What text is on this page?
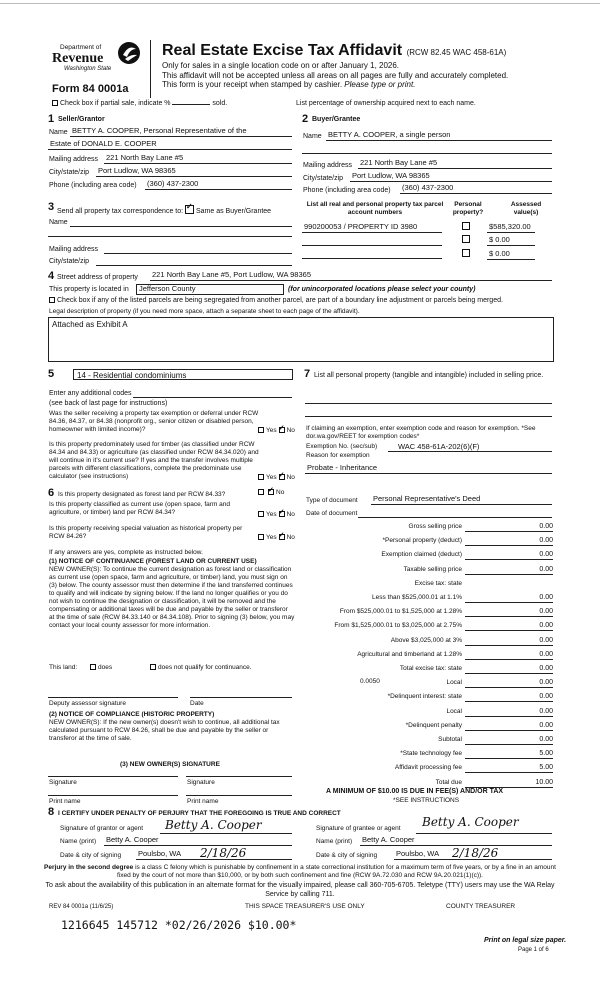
Department of
Revenue
Washington State
Form 84 0001a
Real Estate Excise Tax Affidavit (RCW 82.45 WAC 458-61A)
Only for sales in a single location code on or after January 1, 2026.
This affidavit will not be accepted unless all areas on all pages are fully and accurately completed.
This form is your receipt when stamped by cashier. Please type or print.
Check box if partial sale, indicate %	sold.	List percentage of ownership acquired next to each name.
1 Seller/Grantor
Name BETTY A. COOPER, Personal Representative of the
Estate of DONALD E. COOPER
Mailing address 221 North Bay Lane #5
City/state/zip Port Ludlow, WA 98365
Phone (including area code) (360) 437-2300
2 Buyer/Grantee
Name BETTY A. COOPER, a single person
Mailing address 221 North Bay Lane #5
City/state/zip Port Ludlow, WA 98365
Phone (including area code) (360) 437-2300
3 Send all property tax correspondence to:
✓
Same as Buyer/Grantee
Name
Mailing address
City/state/zip
List all real and personal property tax parcel account numbers
Personal property?
Assessed value(s)
990200053 / PROPERTY ID 3980	$585,320.00
$ 0.00
$ 0.00
4 Street address of property 221 North Bay Lane #5, Port Ludlow, WA 98365
This property is located in	Jefferson County	(for unincorporated locations please select your county)
Check box if any of the listed parcels are being segregated from another parcel, are part of a boundary line adjustment or parcels being merged.
Legal description of property (if you need more space, attach a separate sheet to each page of the affidavit).
Attached as Exhibit A
5	14 - Residential condominiums
Enter any additional codes
(see back of last page for instructions)
Was the seller receiving a property tax exemption or deferral under RCW 84.36, 84.37, or 84.38 (nonprofit org., senior citizen or disabled person, homeowner with limited income)?	Yes ✓ No
Is this property predominately used for timber (as classified under RCW 84.34 and 84.33) or agriculture (as classified under RCW 84.34.020) and will continue in it's current use? If yes and the transfer involves multiple parcels with different classifications, complete the predominate use calculator (see instructions)	Yes ✓ No
6 Is this property designated as forest land per RCW 84.33?
✓ No
Is this property classified as current use (open space, farm and agriculture, or timber) land per RCW 84.34?	Yes ✓ No
Is this property receiving special valuation as historical property per RCW 84.26?	Yes ✓ No
If any answers are yes, complete as instructed below.
(1) NOTICE OF CONTINUANCE (FOREST LAND OR CURRENT USE)
NEW OWNER(S): To continue the current designation as forest land or classification as current use (open space, farm and agriculture, or timber) land, you must sign on (3) below. The county assessor must then determine if the land transferred continues to qualify and will indicate by signing below. If the land no longer qualifies or you do not wish to continue the designation or classification, it will be removed and the compensating or additional taxes will be due and payable by the seller or transferor at the time of sale (RCW 84.33.140 or 84.34.108). Prior to signing (3) below, you may contact your local county assessor for more information.
This land:	does	does not qualify for continuance.
Deputy assessor signature	Date
(2) NOTICE OF COMPLIANCE (HISTORIC PROPERTY)
NEW OWNER(S): If the new owner(s) doesn't wish to continue, all additional tax calculated pursuant to RCW 84.26, shall be due and payable by the seller or transferor at the time of sale.
(3) NEW OWNER(S) SIGNATURE
Signature	Signature
Print name	Print name
7 List all personal property (tangible and intangible) included in selling price.
If claiming an exemption, enter exemption code and reason for exemption. *See dor.wa.gov/REET for exemption codes*
Exemption No. (sec/sub)	WAC 458-61A-202(6)(F)
Reason for exemption
Probate - Inheritance
Type of document Personal Representative's Deed
Date of document
Gross selling price	0.00
*Personal property (deduct)	0.00
Exemption claimed (deduct)	0.00
Taxable selling price	0.00
Excise tax: state
Less than $525,000.01 at 1.1%	0.00
From $525,000.01 to $1,525,000 at 1.28%	0.00
From $1,525,000.01 to $3,025,000 at 2.75%	0.00
Above $3,025,000 at 3%	0.00
Agricultural and timberland at 1.28%	0.00
Total excise tax: state	0.00
Local	0.00
*Delinquent interest: state	0.00
Local	0.00
*Delinquent penalty	0.00
Subtotal	0.00
*State technology fee	5.00
Affidavit processing fee	5.00
Total due	10.00
0.0050
A MINIMUM OF $10.00 IS DUE IN FEE(S) AND/OR TAX
*SEE INSTRUCTIONS
8 I CERTIFY UNDER PENALTY OF PERJURY THAT THE FOREGOING IS TRUE AND CORRECT
Signature of grantor or agent Betty A. Cooper	Signature of grantee or agent Betty A. Cooper
Name (print) Betty A. Cooper	Name (print) Betty A. Cooper
Date & city of signing Poulsbo, WA 2/18/26	Date & city of signing	Poulsbo, WA 2/18/26
Perjury in the second degree is a class C felony which is punishable by confinement in a state correctional institution for a maximum term of five years, or by a fine in an amount fixed by the court of not more than $10,000, or by both such confinement and fine (RCW 9A.72.030 and RCW 9A.20.021(1)(c)).
To ask about the availability of this publication in an alternate format for the visually impaired, please call 360-705-6705. Teletype (TTY) users may use the WA Relay Service by calling 711.
REV 84 0001a (11/6/25)	THIS SPACE TREASURER'S USE ONLY	COUNTY TREASURER
1216645 145712 *02/26/2026 $10.00*
Print on legal size paper.
Page 1 of 6
